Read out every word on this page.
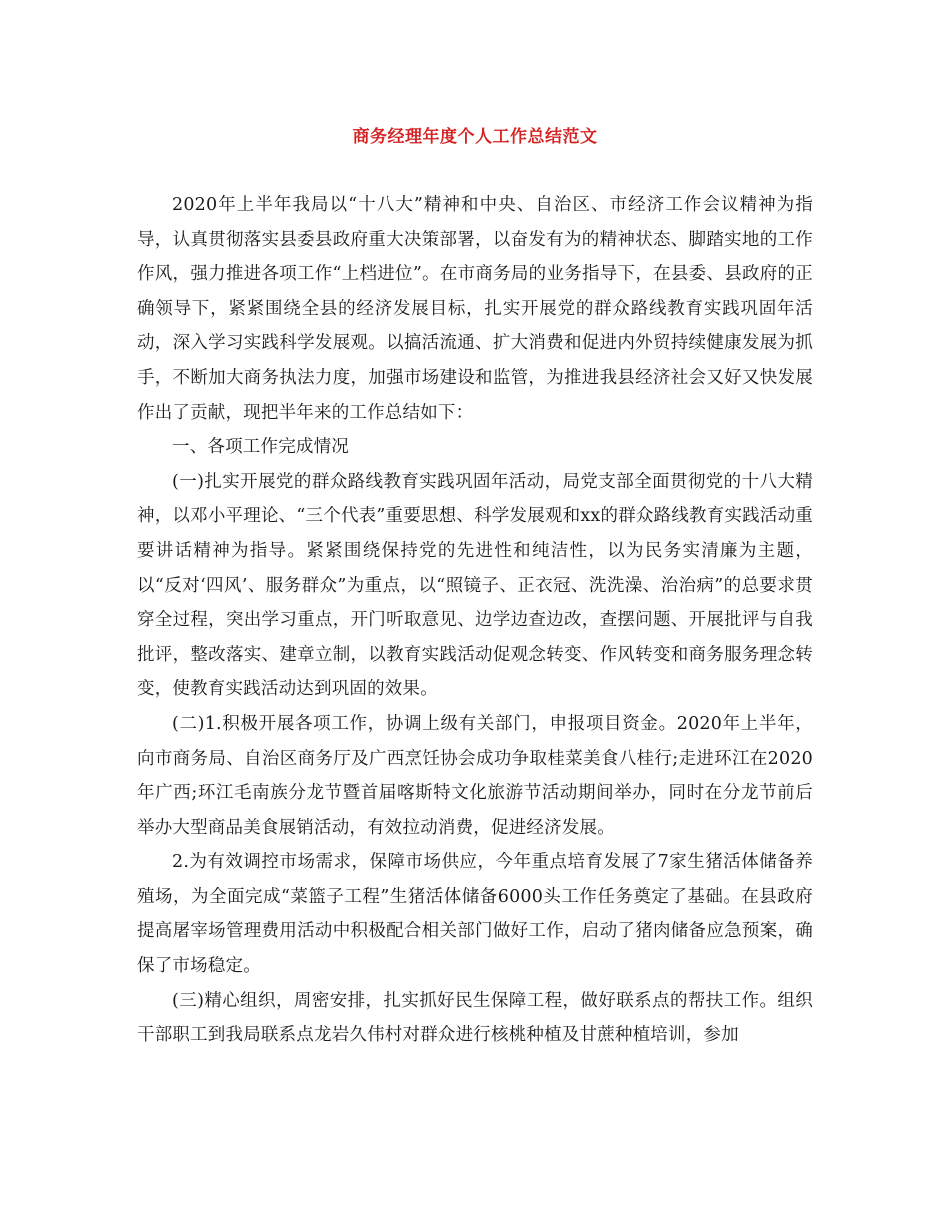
商务经理年度个人工作总结范文

2020年上半年我局以“十八大”精神和中央、自治区、市经济工作会议精神为指导，认真贯彻落实县委县政府重大决策部署，以奋发有为的精神状态、脚踏实地的工作作风，强力推进各项工作“上档进位”。在市商务局的业务指导下，在县委、县政府的正确领导下，紧紧围绕全县的经济发展目标，扎实开展党的群众路线教育实践巩固年活动，深入学习实践科学发展观。以搞活流通、扩大消费和促进内外贸持续健康发展为抓手，不断加大商务执法力度，加强市场建设和监管，为推进我县经济社会又好又快发展作出了贡献，现把半年来的工作总结如下：

一、各项工作完成情况

(一)扎实开展党的群众路线教育实践巩固年活动，局党支部全面贯彻党的十八大精神，以邓小平理论、“三个代表”重要思想、科学发展观和xx的群众路线教育实践活动重要讲话精神为指导。紧紧围绕保持党的先进性和纯洁性，以为民务实清廉为主题，以“反对‘四风’、服务群众”为重点，以“照镜子、正衣冠、洗洗澡、治治病”的总要求贯穿全过程，突出学习重点，开门听取意见、边学边查边改，查摆问题、开展批评与自我批评，整改落实、建章立制，以教育实践活动促观念转变、作风转变和商务服务理念转变，使教育实践活动达到巩固的效果。

(二)1.积极开展各项工作，协调上级有关部门，申报项目资金。2020年上半年，向市商务局、自治区商务厅及广西烹饪协会成功争取桂菜美食八桂行;走进环江在2020年广西;环江毛南族分龙节暨首届喀斯特文化旅游节活动期间举办，同时在分龙节前后举办大型商品美食展销活动，有效拉动消费，促进经济发展。

2.为有效调控市场需求，保障市场供应，今年重点培育发展了7家生猪活体储备养殖场，为全面完成“菜篮子工程”生猪活体储备6000头工作任务奠定了基础。在县政府提高屠宰场管理费用活动中积极配合相关部门做好工作，启动了猪肉储备应急预案，确保了市场稳定。

(三)精心组织，周密安排，扎实抓好民生保障工程，做好联系点的帮扶工作。组织干部职工到我局联系点龙岩久伟村对群众进行核桃种植及甘蔗种植培训，参加
